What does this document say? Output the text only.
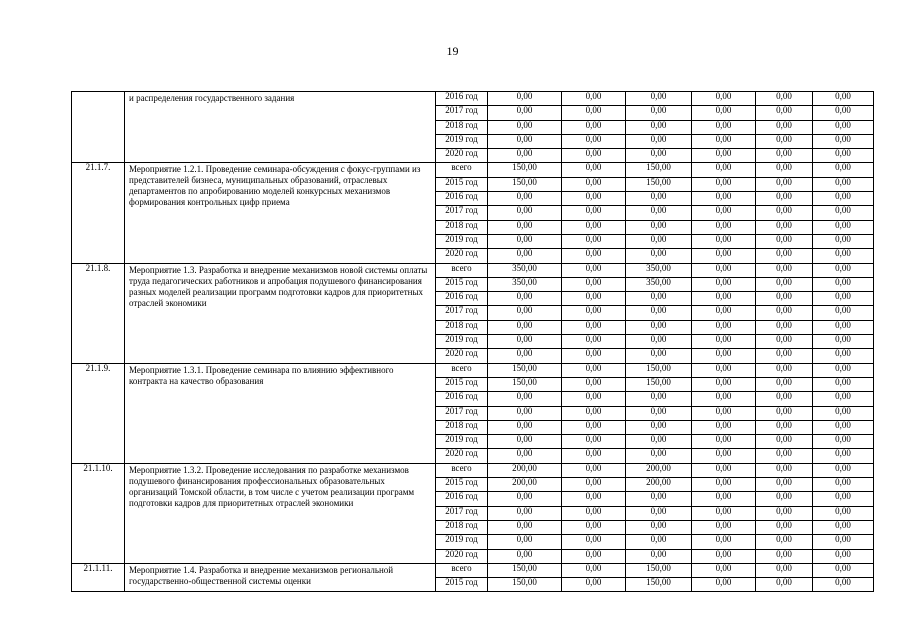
19
	и распределения государственного задания	2016 год	0,00	0,00	0,00	0,00	0,00	0,00
		2017 год	0,00	0,00	0,00	0,00	0,00	0,00
		2018 год	0,00	0,00	0,00	0,00	0,00	0,00
		2019 год	0,00	0,00	0,00	0,00	0,00	0,00
		2020 год	0,00	0,00	0,00	0,00	0,00	0,00
21.1.7.	Мероприятие 1.2.1. Проведение семинара-обсуждения с фокус-группами из представителей бизнеса, муниципальных образований, отраслевых департаментов по апробированию моделей конкурсных механизмов формирования контрольных цифр приема	всего	150,00	0,00	150,00	0,00	0,00	0,00
		2015 год	150,00	0,00	150,00	0,00	0,00	0,00
		2016 год	0,00	0,00	0,00	0,00	0,00	0,00
		2017 год	0,00	0,00	0,00	0,00	0,00	0,00
		2018 год	0,00	0,00	0,00	0,00	0,00	0,00
		2019 год	0,00	0,00	0,00	0,00	0,00	0,00
		2020 год	0,00	0,00	0,00	0,00	0,00	0,00
21.1.8.	Мероприятие 1.3. Разработка и внедрение механизмов новой системы оплаты труда педагогических работников и апробация подушевого финансирования разных моделей реализации программ подготовки кадров для приоритетных отраслей экономики	всего	350,00	0,00	350,00	0,00	0,00	0,00
		2015 год	350,00	0,00	350,00	0,00	0,00	0,00
		2016 год	0,00	0,00	0,00	0,00	0,00	0,00
		2017 год	0,00	0,00	0,00	0,00	0,00	0,00
		2018 год	0,00	0,00	0,00	0,00	0,00	0,00
		2019 год	0,00	0,00	0,00	0,00	0,00	0,00
		2020 год	0,00	0,00	0,00	0,00	0,00	0,00
21.1.9.	Мероприятие 1.3.1. Проведение семинара по влиянию эффективного контракта на качество образования	всего	150,00	0,00	150,00	0,00	0,00	0,00
		2015 год	150,00	0,00	150,00	0,00	0,00	0,00
		2016 год	0,00	0,00	0,00	0,00	0,00	0,00
		2017 год	0,00	0,00	0,00	0,00	0,00	0,00
		2018 год	0,00	0,00	0,00	0,00	0,00	0,00
		2019 год	0,00	0,00	0,00	0,00	0,00	0,00
		2020 год	0,00	0,00	0,00	0,00	0,00	0,00
21.1.10.	Мероприятие 1.3.2. Проведение исследования по разработке механизмов подушевого финансирования профессиональных образовательных организаций Томской области, в том числе с учетом реализации программ подготовки кадров для приоритетных отраслей экономики	всего	200,00	0,00	200,00	0,00	0,00	0,00
		2015 год	200,00	0,00	200,00	0,00	0,00	0,00
		2016 год	0,00	0,00	0,00	0,00	0,00	0,00
		2017 год	0,00	0,00	0,00	0,00	0,00	0,00
		2018 год	0,00	0,00	0,00	0,00	0,00	0,00
		2019 год	0,00	0,00	0,00	0,00	0,00	0,00
		2020 год	0,00	0,00	0,00	0,00	0,00	0,00
21.1.11.	Мероприятие 1.4. Разработка и внедрение механизмов региональной государственно-общественной системы оценки	всего	150,00	0,00	150,00	0,00	0,00	0,00
		2015 год	150,00	0,00	150,00	0,00	0,00	0,00
